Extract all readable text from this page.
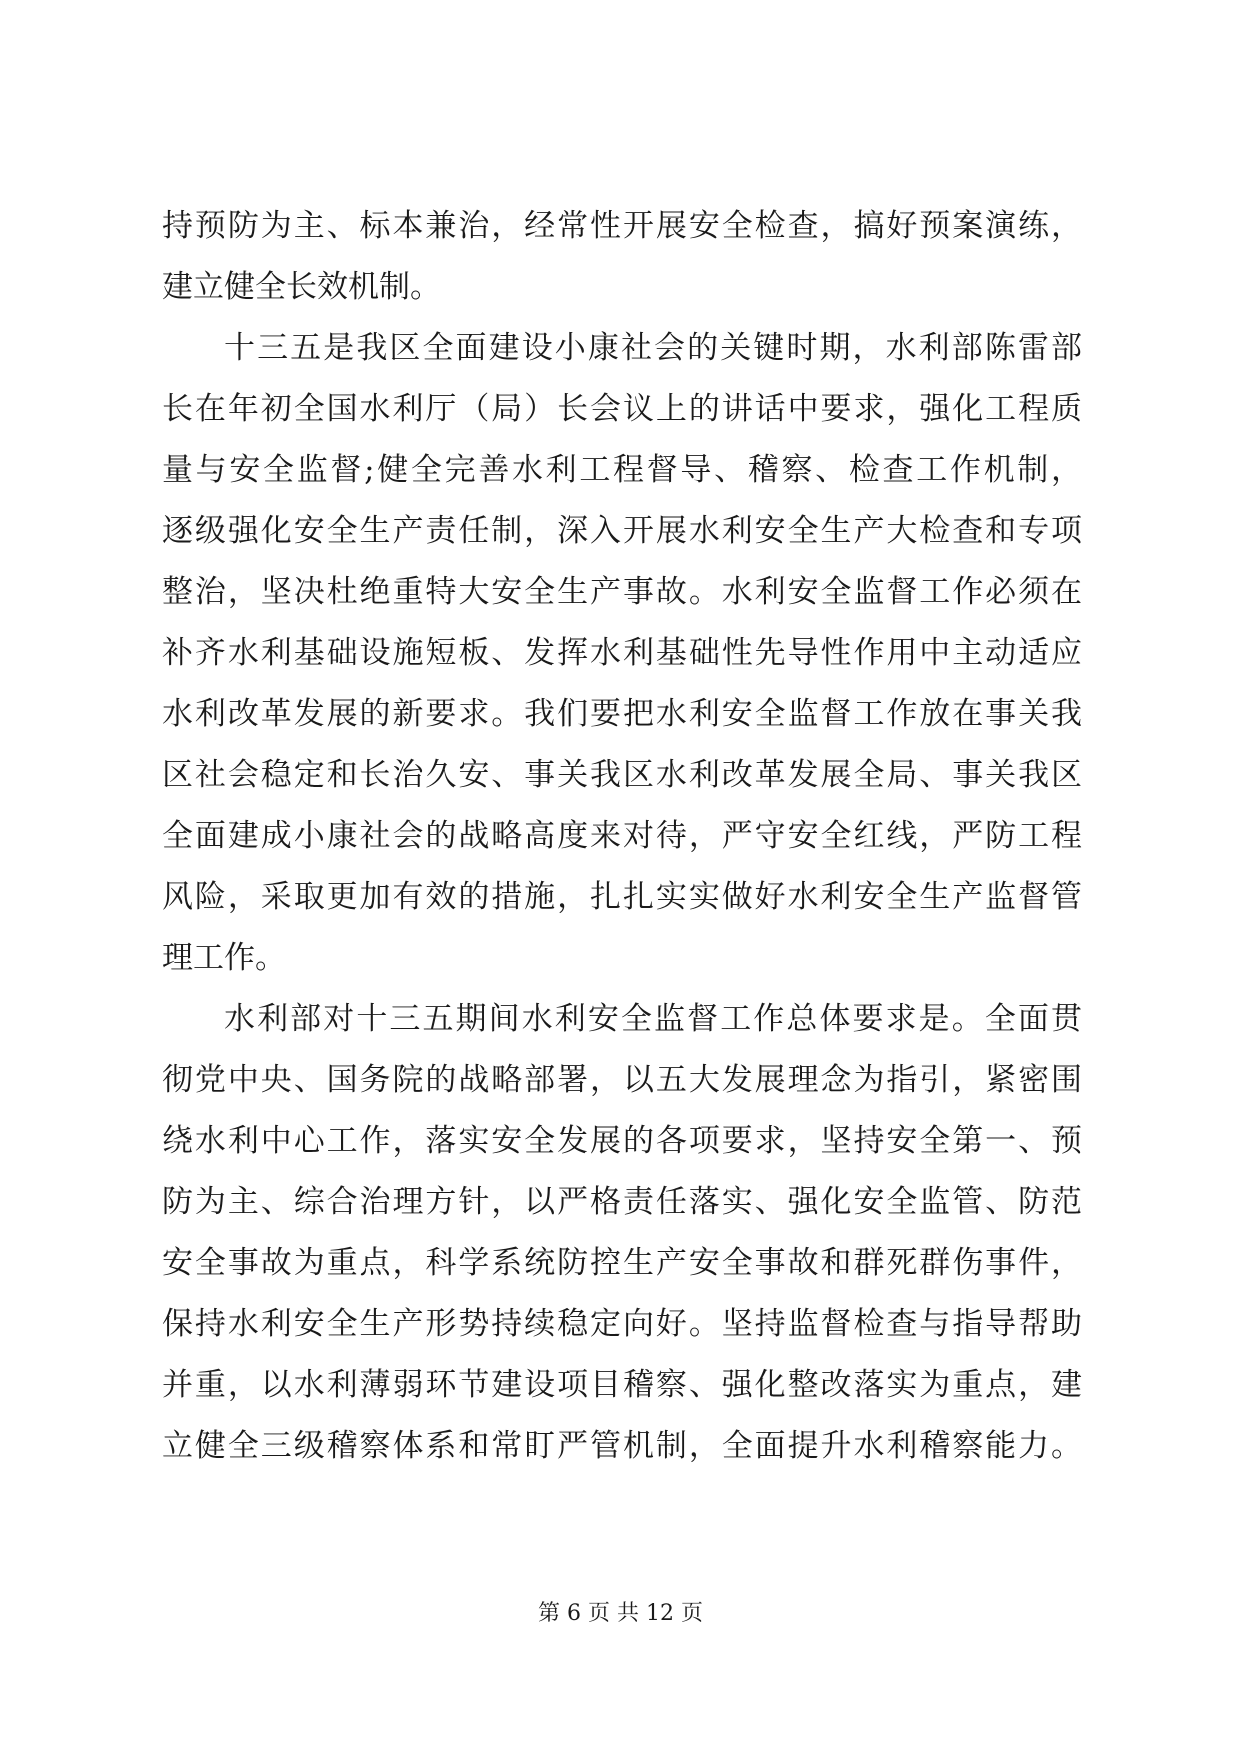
持预防为主、标本兼治，经常性开展安全检查，搞好预案演练，
建立健全长效机制。
十三五是我区全面建设小康社会的关键时期，水利部陈雷部
长在年初全国水利厅（局）长会议上的讲话中要求，强化工程质
量与安全监督;健全完善水利工程督导、稽察、检查工作机制，
逐级强化安全生产责任制，深入开展水利安全生产大检查和专项
整治，坚决杜绝重特大安全生产事故。水利安全监督工作必须在
补齐水利基础设施短板、发挥水利基础性先导性作用中主动适应
水利改革发展的新要求。我们要把水利安全监督工作放在事关我
区社会稳定和长治久安、事关我区水利改革发展全局、事关我区
全面建成小康社会的战略高度来对待，严守安全红线，严防工程
风险，采取更加有效的措施，扎扎实实做好水利安全生产监督管
理工作。
水利部对十三五期间水利安全监督工作总体要求是。全面贯
彻党中央、国务院的战略部署，以五大发展理念为指引，紧密围
绕水利中心工作，落实安全发展的各项要求，坚持安全第一、预
防为主、综合治理方针，以严格责任落实、强化安全监管、防范
安全事故为重点，科学系统防控生产安全事故和群死群伤事件，
保持水利安全生产形势持续稳定向好。坚持监督检查与指导帮助
并重，以水利薄弱环节建设项目稽察、强化整改落实为重点，建
立健全三级稽察体系和常盯严管机制，全面提升水利稽察能力。
第 6 页 共 12 页
